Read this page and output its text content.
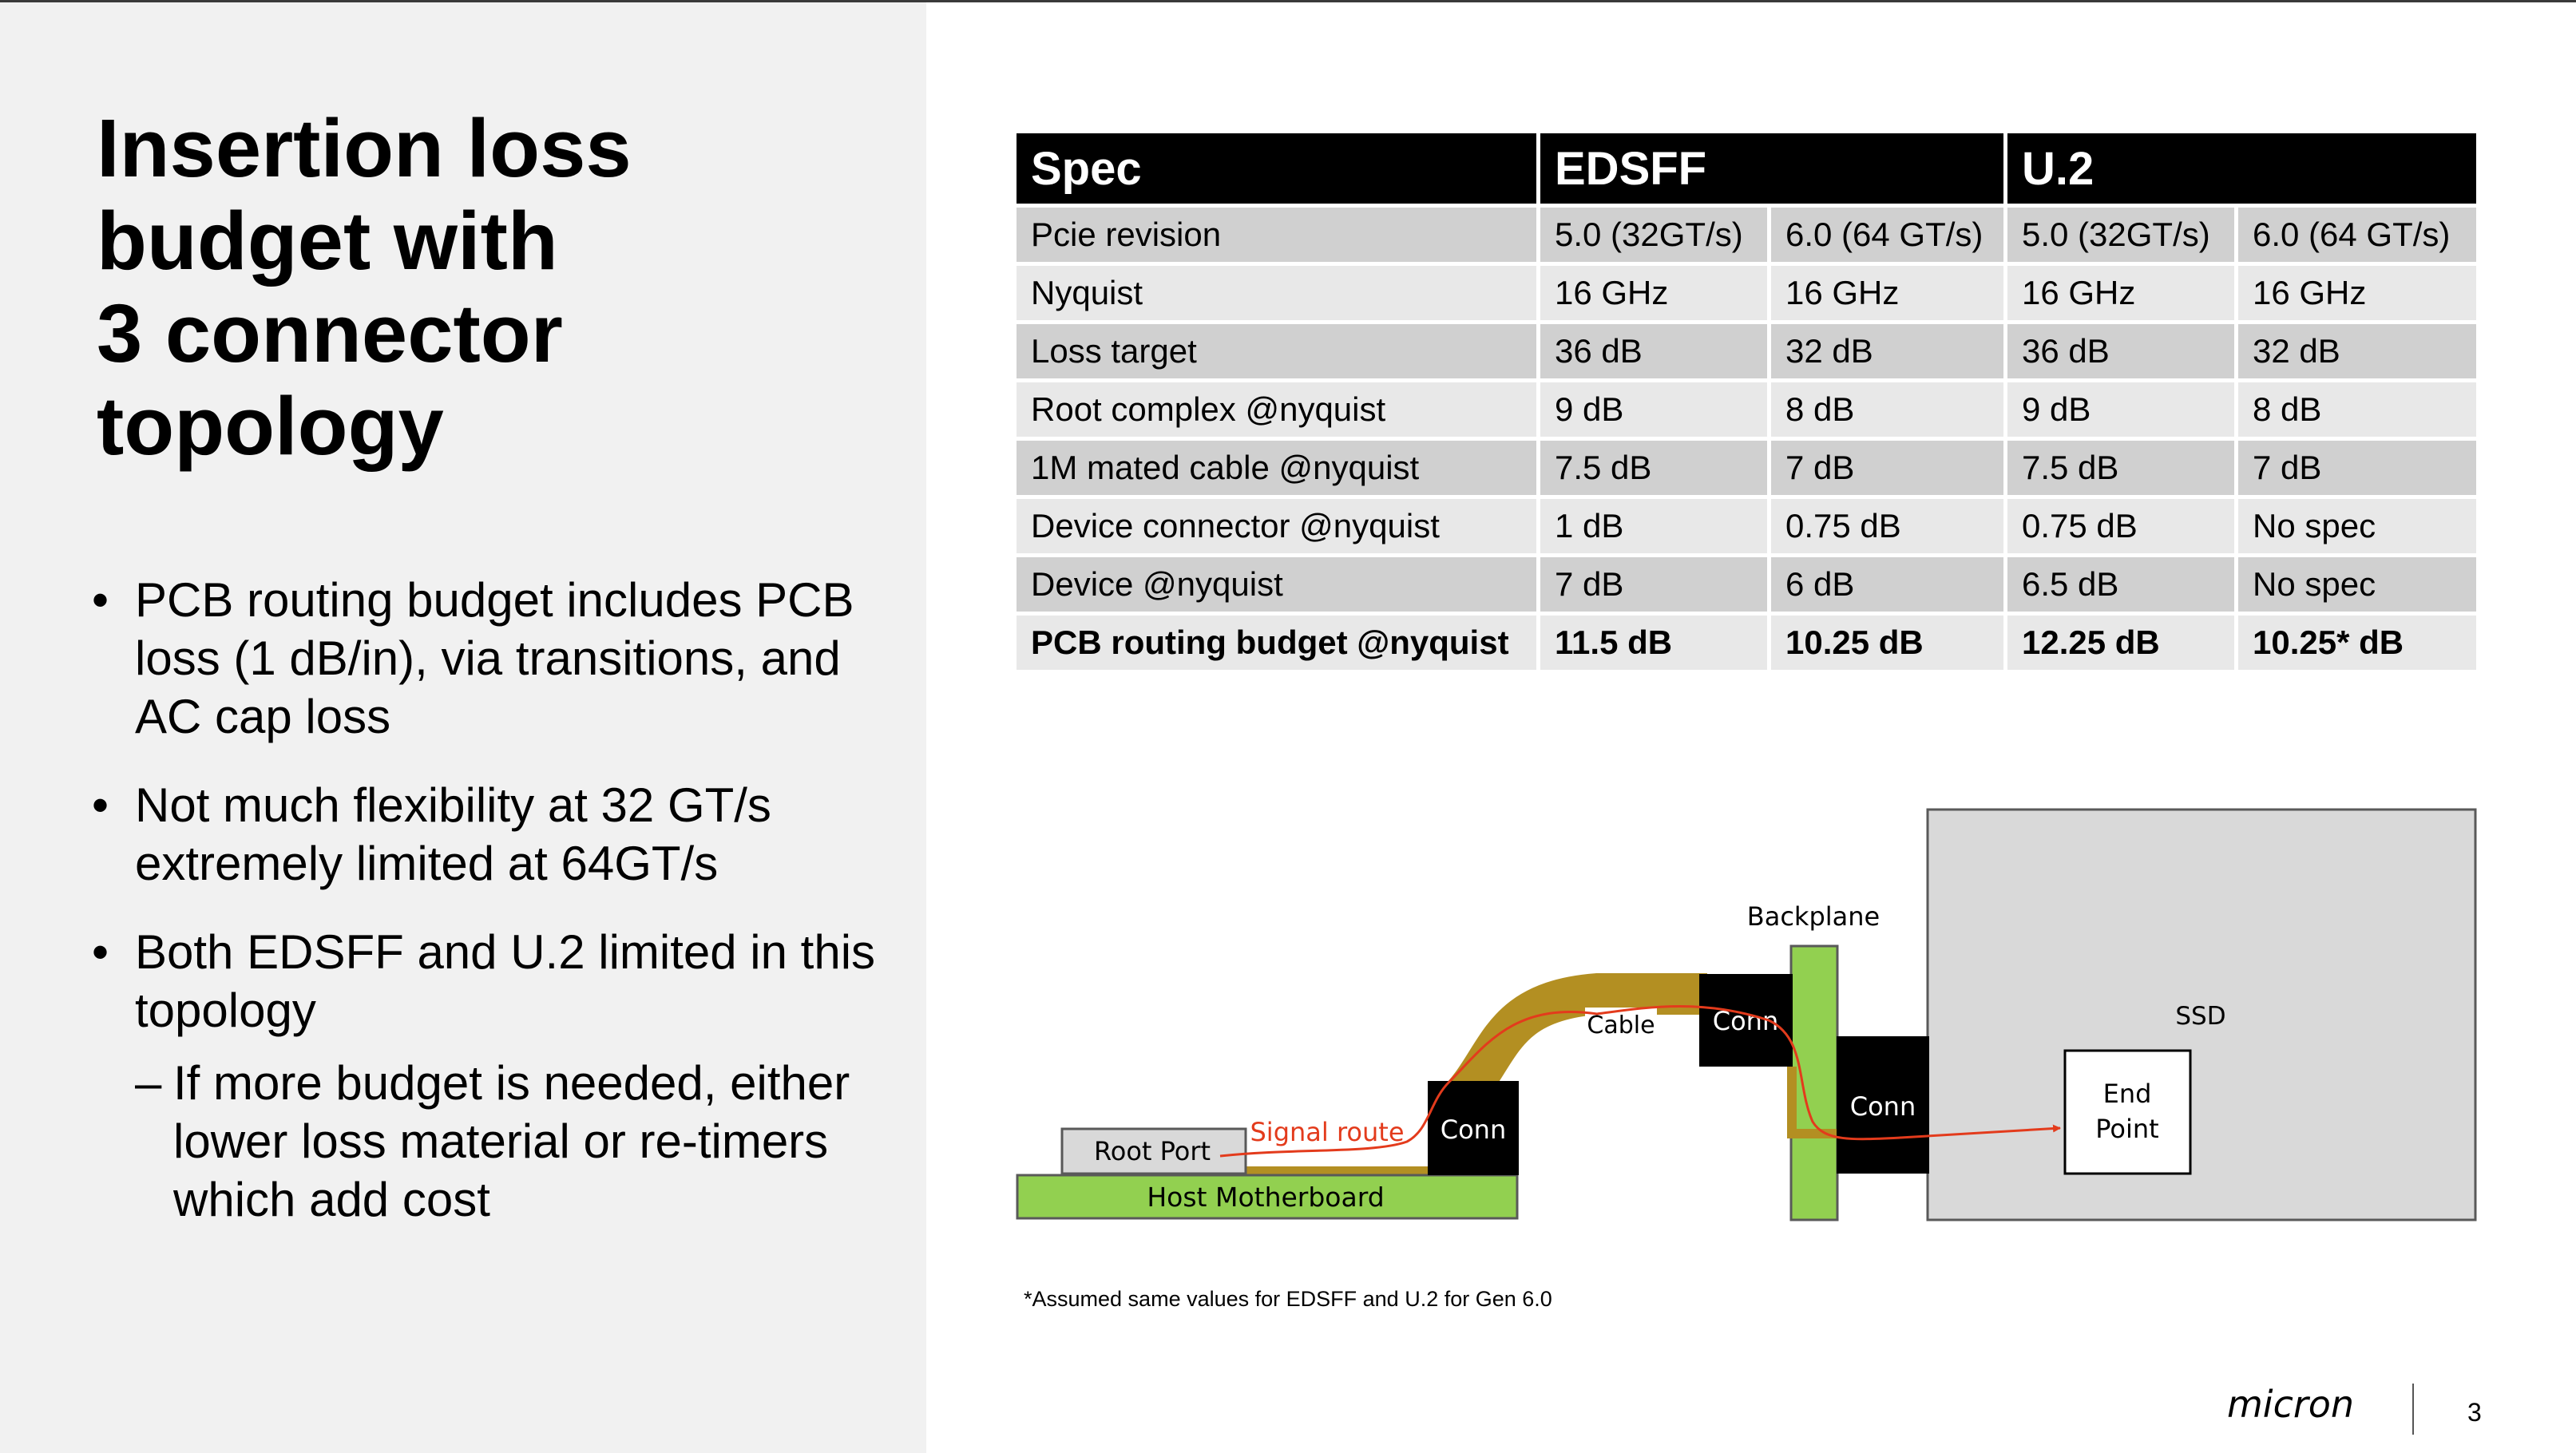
Insertion loss
budget with
3 connector
topology
• PCB routing budget includes PCB loss (1 dB/in), via transitions, and AC cap loss
• Not much flexibility at 32 GT/s extremely limited at 64GT/s
• Both EDSFF and U.2 limited in this topology
– If more budget is needed, either lower loss material or re-timers which add cost
Spec	EDSFF		U.2	
Pcie revision	5.0 (32GT/s)	6.0 (64 GT/s)	5.0 (32GT/s)	6.0 (64 GT/s)
Nyquist	16 GHz	16 GHz	16 GHz	16 GHz
Loss target	36 dB	32 dB	36 dB	32 dB
Root complex @nyquist	9 dB	8 dB	9 dB	8 dB
1M mated cable @nyquist	7.5 dB	7 dB	7.5 dB	7 dB
Device connector @nyquist	1 dB	0.75 dB	0.75 dB	No spec
Device @nyquist	7 dB	6 dB	6.5 dB	No spec
PCB routing budget @nyquist	11.5 dB	10.25 dB	12.25 dB	10.25* dB
SSD
End
Point
Host Motherboard
Root Port
Conn
Backplane
Conn
Conn
Cable
Signal route
*Assumed same values for EDSFF and U.2 for Gen 6.0
micron	3
